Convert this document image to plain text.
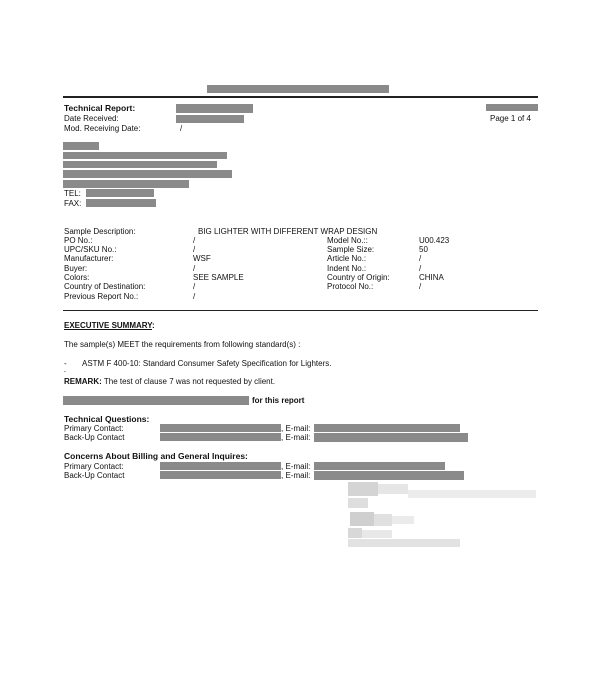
Technical Report:
Date Received:	Page 1 of 4
Mod. Receiving Date:	/
TEL:
FAX:
Sample Description:	BIG LIGHTER WITH DIFFERENT WRAP DESIGN
PO No.:	/
UPC/SKU No.:	/
Manufacturer:	WSF
Buyer:	/
Colors:	SEE SAMPLE
Country of Destination:	/
Previous Report No.:	/
Model No.::	U00.423
Sample Size:	50
Article No.:	/
Indent No.:	/
Country of Origin:	CHINA
Protocol No.:	/
EXECUTIVE SUMMARY:
The sample(s) MEET the requirements from following standard(s) :
- ASTM F 400-10: Standard Consumer Safety Specification for Lighters.
-
REMARK: The test of clause 7 was not requested by client.
for this report
Technical Questions:
Primary Contact:	, E-mail:
Back-Up Contact	, E-mail:
Concerns About Billing and General Inquires:
Primary Contact:	, E-mail:
Back-Up Contact	, E-mail:
